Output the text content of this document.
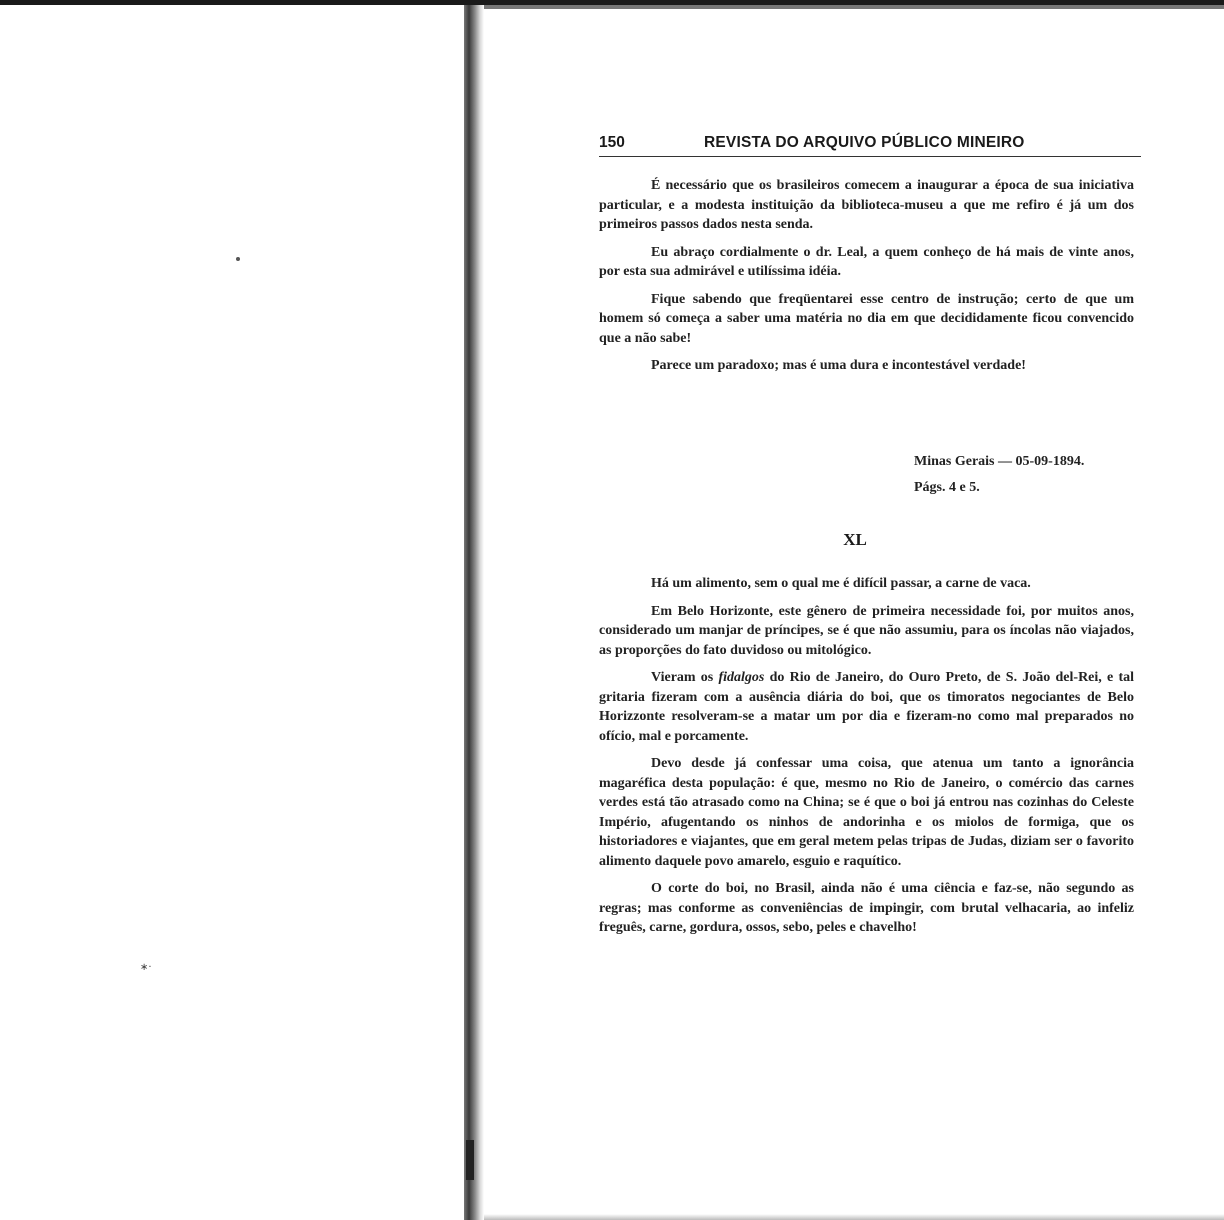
∗·
150	REVISTA DO ARQUIVO PÚBLICO MINEIRO

É necessário que os brasileiros comecem a inaugurar a época de sua iniciativa particular, e a modesta instituição da biblioteca-museu a que me refiro é já um dos primeiros passos dados nesta senda.

Eu abraço cordialmente o dr. Leal, a quem conheço de há mais de vinte anos, por esta sua admirável e utilíssima idéia.

Fique sabendo que freqüentarei esse centro de instrução; certo de que um homem só começa a saber uma matéria no dia em que decididamente ficou convencido que a não sabe!

Parece um paradoxo; mas é uma dura e incontestável verdade!

Minas Gerais — 05-09-1894.
Págs. 4 e 5.
XL

Há um alimento, sem o qual me é difícil passar, a carne de vaca.

Em Belo Horizonte, este gênero de primeira necessidade foi, por muitos anos, considerado um manjar de príncipes, se é que não assumiu, para os íncolas não viajados, as proporções do fato duvidoso ou mitológico.

Vieram os fidalgos do Rio de Janeiro, do Ouro Preto, de S. João del-Rei, e tal gritaria fizeram com a ausência diária do boi, que os timoratos negociantes de Belo Horizzonte resolveram-se a matar um por dia e fizeram-no como mal preparados no ofício, mal e porcamente.

Devo desde já confessar uma coisa, que atenua um tanto a ignorância magaréfica desta população: é que, mesmo no Rio de Janeiro, o comércio das carnes verdes está tão atrasado como na China; se é que o boi já entrou nas cozinhas do Celeste Império, afugentando os ninhos de andorinha e os miolos de formiga, que os historiadores e viajantes, que em geral metem pelas tripas de Judas, diziam ser o favorito alimento daquele povo amarelo, esguio e raquítico.

O corte do boi, no Brasil, ainda não é uma ciência e faz-se, não segundo as regras; mas conforme as conveniências de impingir, com brutal velhacaria, ao infeliz freguês, carne, gordura, ossos, sebo, peles e chavelho!
